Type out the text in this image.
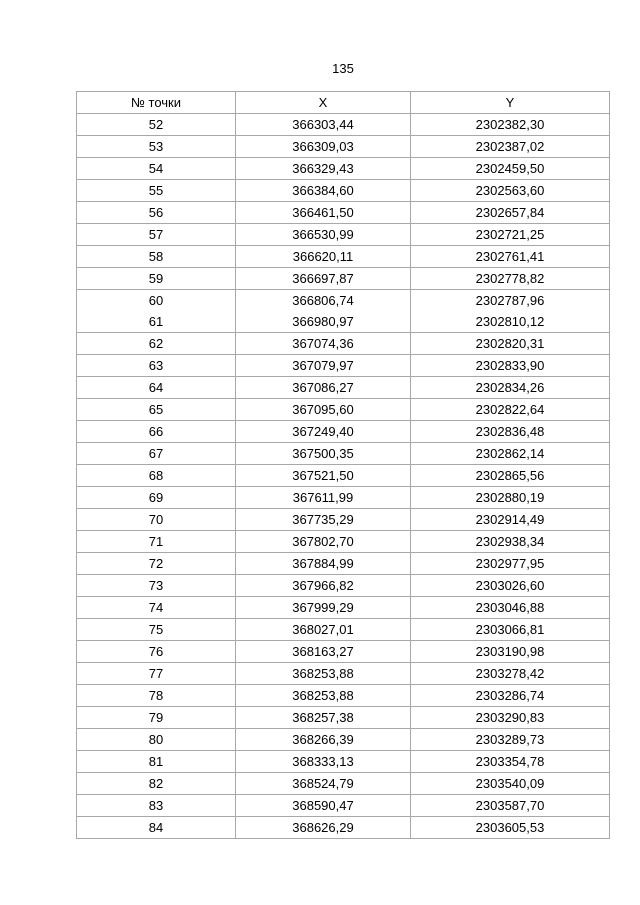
135
№ точки	X	Y
52	366303,44	2302382,30
53	366309,03	2302387,02
54	366329,43	2302459,50
55	366384,60	2302563,60
56	366461,50	2302657,84
57	366530,99	2302721,25
58	366620,11	2302761,41
59	366697,87	2302778,82
60	366806,74	2302787,96
61	366980,97	2302810,12
62	367074,36	2302820,31
63	367079,97	2302833,90
64	367086,27	2302834,26
65	367095,60	2302822,64
66	367249,40	2302836,48
67	367500,35	2302862,14
68	367521,50	2302865,56
69	367611,99	2302880,19
70	367735,29	2302914,49
71	367802,70	2302938,34
72	367884,99	2302977,95
73	367966,82	2303026,60
74	367999,29	2303046,88
75	368027,01	2303066,81
76	368163,27	2303190,98
77	368253,88	2303278,42
78	368253,88	2303286,74
79	368257,38	2303290,83
80	368266,39	2303289,73
81	368333,13	2303354,78
82	368524,79	2303540,09
83	368590,47	2303587,70
84	368626,29	2303605,53
